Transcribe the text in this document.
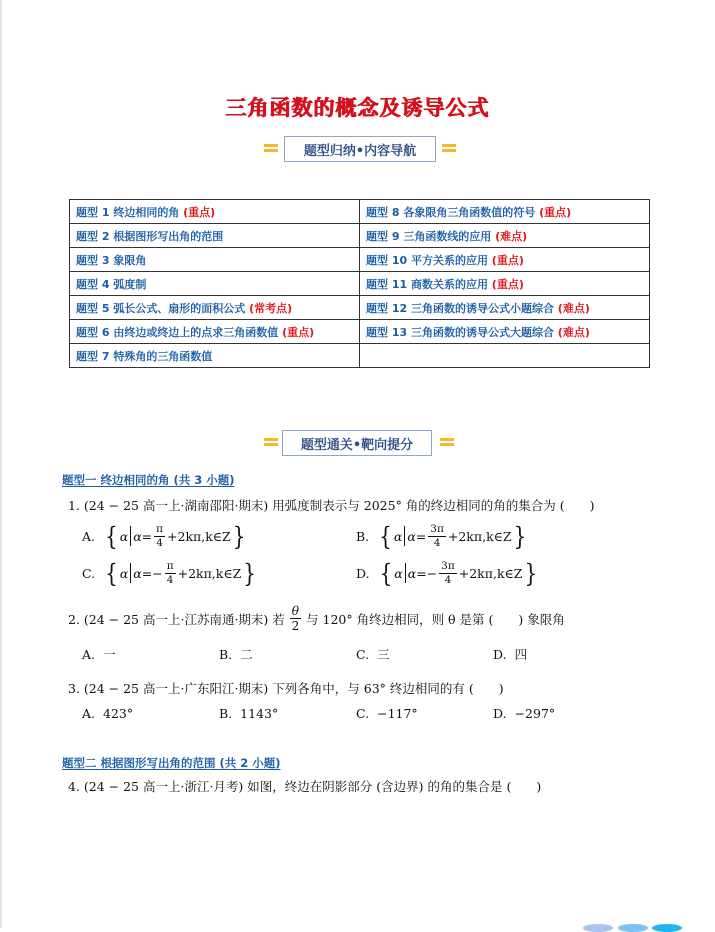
三角函数的概念及诱导公式
题型归纳•内容导航
题型 1 终边相同的角 (重点)	题型 8 各象限角三角函数值的符号 (重点)
题型 2 根据图形写出角的范围	题型 9 三角函数线的应用 (难点)
题型 3 象限角	题型 10 平方关系的应用 (重点)
题型 4 弧度制	题型 11 商数关系的应用 (重点)
题型 5 弧长公式、扇形的面积公式 (常考点)	题型 12 三角函数的诱导公式小题综合 (难点)
题型 6 由终边或终边上的点求三角函数值 (重点)	题型 13 三角函数的诱导公式大题综合 (难点)
题型 7 特殊角的三角函数值	
题型通关•靶向提分
题型一 终边相同的角 (共 3 小题)
1. (24 − 25 高一上·湖南邵阳·期末) 用弧度制表示与 2025° 角的终边相同的角的集合为 (　　)
A. { α $\alpha= \frac{\pi}{4}$ +2kπ,k∈Z }	B. { α $\alpha= \frac{3\pi}{4}$ +2kπ,k∈Z }
C. { α $\alpha= - \frac{\pi}{4}$ +2kπ,k∈Z }	D. { α $\alpha= - \frac{3\pi}{4}$ +2kπ,k∈Z }
2. (24 − 25 高一上·江苏南通·期末) 若 $\frac{\theta}{2}$ 与 120° 角终边相同，则 θ 是第 (　　) 象限角
A. 一	B. 二	C. 三	D. 四
3. (24 − 25 高一上·广东阳江·期末) 下列各角中，与 63° 终边相同的有 (　　)
A. 423°	B. 1143°	C. −117°	D. −297°
题型二 根据图形写出角的范围 (共 2 小题)
4. (24 − 25 高一上·浙江·月考) 如图，终边在阴影部分 (含边界) 的角的集合是 (　　)
